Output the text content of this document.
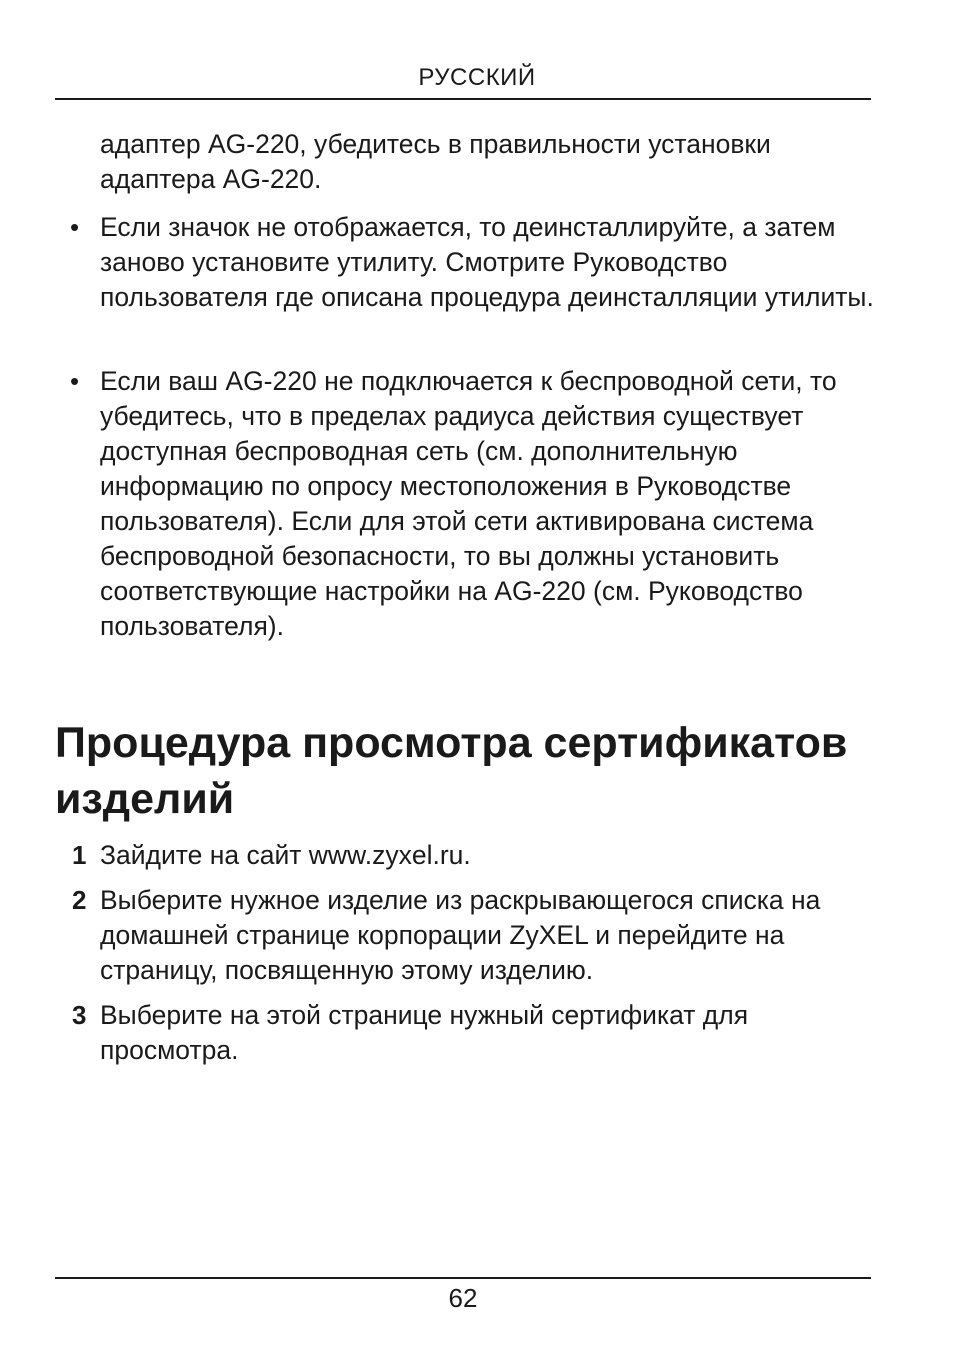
РУССКИЙ

адаптер AG-220, убедитесь в правильности установки адаптера AG-220.

• Если значок не отображается, то деинсталлируйте, а затем заново установите утилиту. Смотрите Руководство пользователя где описана процедура деинсталляции утилиты.

• Если ваш AG-220 не подключается к беспроводной сети, то убедитесь, что в пределах радиуса действия существует доступная беспроводная сеть (см. дополнительную информацию по опросу местоположения в Руководстве пользователя). Если для этой сети активирована система беспроводной безопасности, то вы должны установить соответствующие настройки на AG-220 (см. Руководство пользователя).

Процедура просмотра сертификатов изделий
1 Зайдите на сайт www.zyxel.ru.

2 Выберите нужное изделие из раскрывающегося списка на домашней странице корпорации ZyXEL и перейдите на страницу, посвященную этому изделию.

3 Выберите на этой странице нужный сертификат для просмотра.

62
